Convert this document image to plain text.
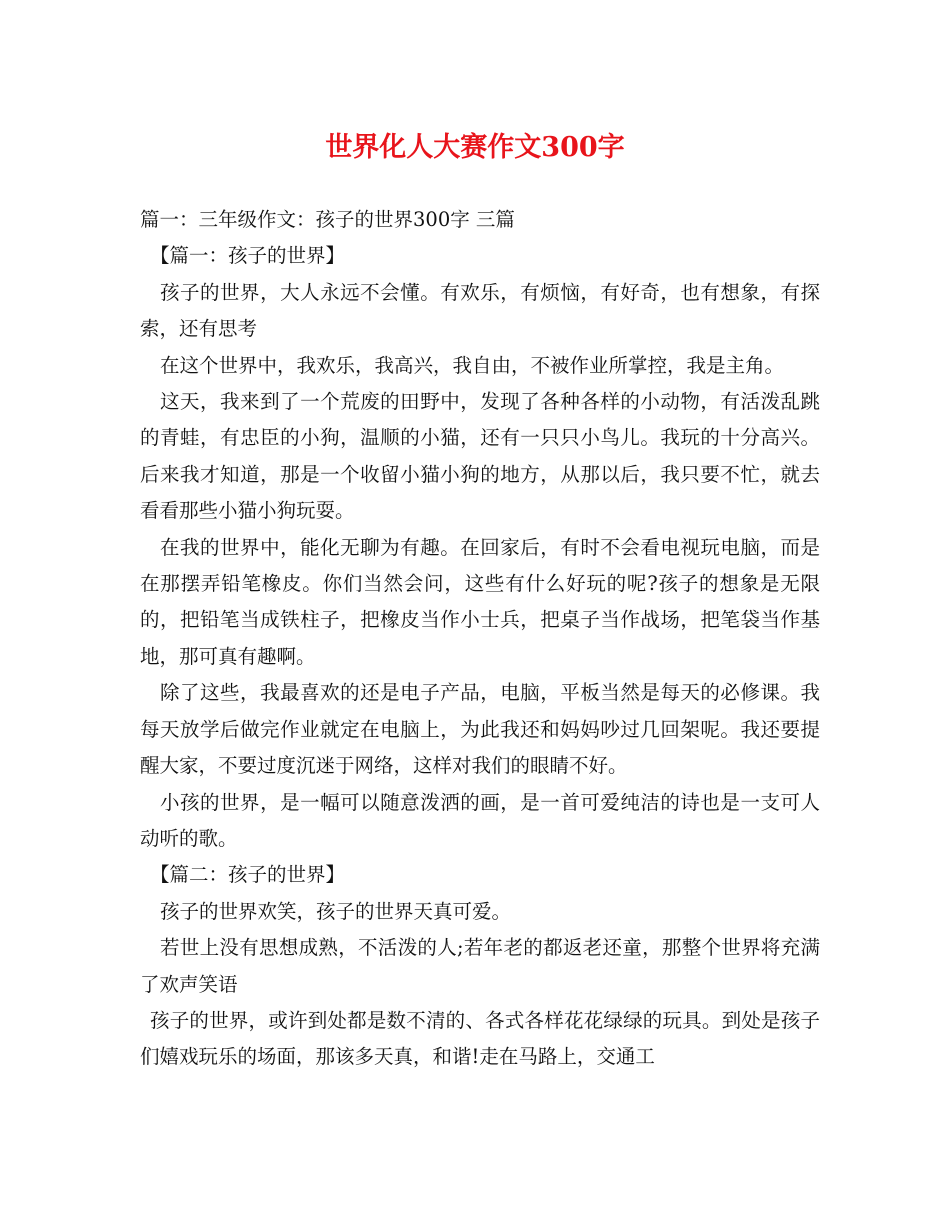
世界化人大赛作文300字

篇一：三年级作文：孩子的世界300字 三篇

【篇一：孩子的世界】

孩子的世界，大人永远不会懂。有欢乐，有烦恼，有好奇，也有想象，有探索，还有思考

在这个世界中，我欢乐，我高兴，我自由，不被作业所掌控，我是主角。

这天，我来到了一个荒废的田野中，发现了各种各样的小动物，有活泼乱跳的青蛙，有忠臣的小狗，温顺的小猫，还有一只只小鸟儿。我玩的十分高兴。后来我才知道，那是一个收留小猫小狗的地方，从那以后，我只要不忙，就去看看那些小猫小狗玩耍。

在我的世界中，能化无聊为有趣。在回家后，有时不会看电视玩电脑，而是在那摆弄铅笔橡皮。你们当然会问，这些有什么好玩的呢?孩子的想象是无限的，把铅笔当成铁柱子，把橡皮当作小士兵，把桌子当作战场，把笔袋当作基地，那可真有趣啊。

除了这些，我最喜欢的还是电子产品，电脑，平板当然是每天的必修课。我每天放学后做完作业就定在电脑上，为此我还和妈妈吵过几回架呢。我还要提醒大家，不要过度沉迷于网络，这样对我们的眼睛不好。

小孩的世界，是一幅可以随意泼洒的画，是一首可爱纯洁的诗也是一支可人动听的歌。

【篇二：孩子的世界】

孩子的世界欢笑，孩子的世界天真可爱。

若世上没有思想成熟，不活泼的人;若年老的都返老还童，那整个世界将充满了欢声笑语

孩子的世界，或许到处都是数不清的、各式各样花花绿绿的玩具。到处是孩子们嬉戏玩乐的场面，那该多天真，和谐!走在马路上，交通工
